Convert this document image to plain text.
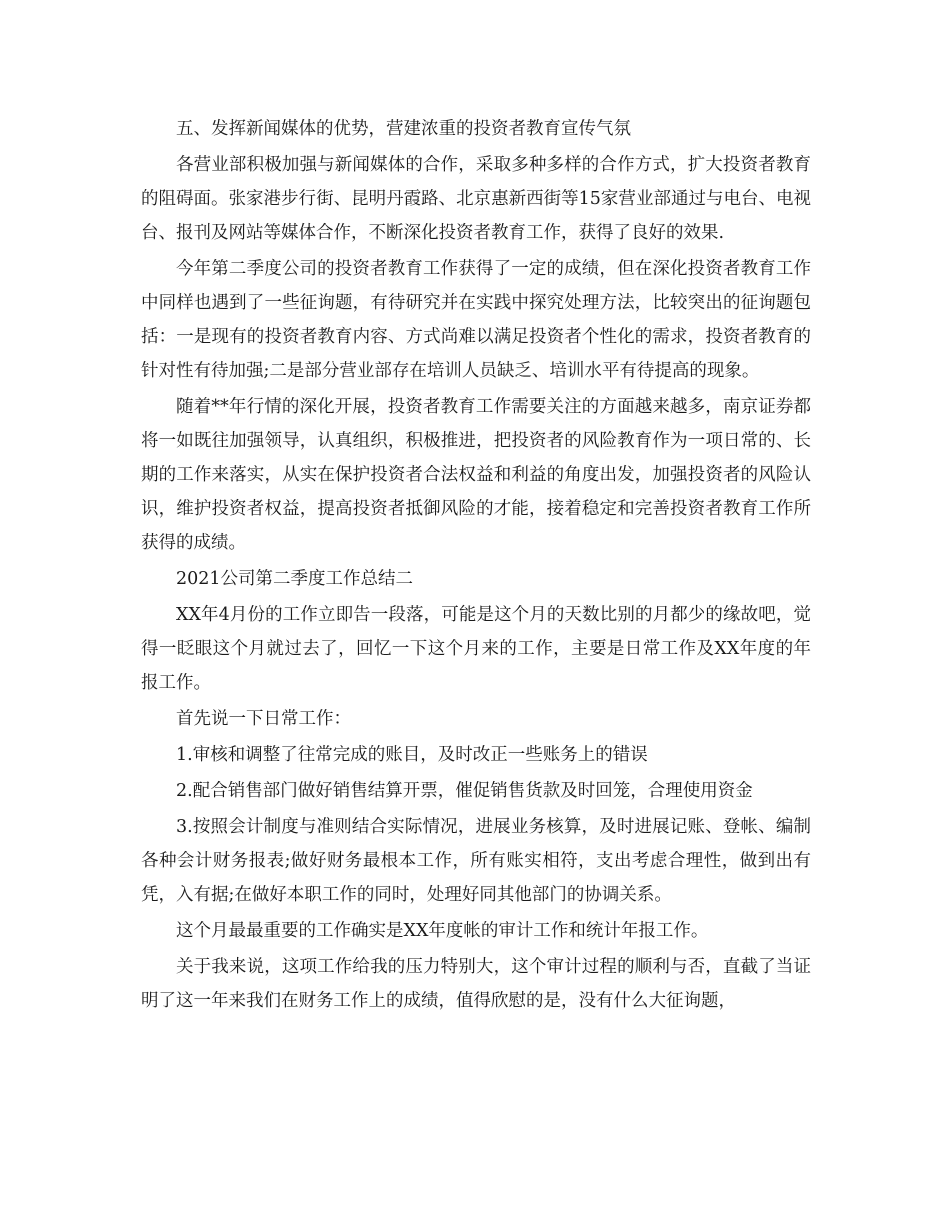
五、发挥新闻媒体的优势，营建浓重的投资者教育宣传气氛

各营业部积极加强与新闻媒体的合作，采取多种多样的合作方式，扩大投资者教育的阻碍面。张家港步行街、昆明丹霞路、北京惠新西街等15家营业部通过与电台、电视台、报刊及网站等媒体合作，不断深化投资者教育工作，获得了良好的效果.

今年第二季度公司的投资者教育工作获得了一定的成绩，但在深化投资者教育工作中同样也遇到了一些征询题，有待研究并在实践中探究处理方法，比较突出的征询题包括：一是现有的投资者教育内容、方式尚难以满足投资者个性化的需求，投资者教育的针对性有待加强;二是部分营业部存在培训人员缺乏、培训水平有待提高的现象。

随着**年行情的深化开展，投资者教育工作需要关注的方面越来越多，南京证券都将一如既往加强领导，认真组织，积极推进，把投资者的风险教育作为一项日常的、长期的工作来落实，从实在保护投资者合法权益和利益的角度出发，加强投资者的风险认识，维护投资者权益，提高投资者抵御风险的才能，接着稳定和完善投资者教育工作所获得的成绩。

2021公司第二季度工作总结二

XX年4月份的工作立即告一段落，可能是这个月的天数比别的月都少的缘故吧，觉得一眨眼这个月就过去了，回忆一下这个月来的工作，主要是日常工作及XX年度的年报工作。

首先说一下日常工作：

1.审核和调整了往常完成的账目，及时改正一些账务上的错误

2.配合销售部门做好销售结算开票，催促销售货款及时回笼，合理使用资金

3.按照会计制度与准则结合实际情况，进展业务核算，及时进展记账、登帐、编制各种会计财务报表;做好财务最根本工作，所有账实相符，支出考虑合理性，做到出有凭，入有据;在做好本职工作的同时，处理好同其他部门的协调关系。

这个月最最重要的工作确实是XX年度帐的审计工作和统计年报工作。

关于我来说，这项工作给我的压力特别大，这个审计过程的顺利与否，直截了当证明了这一年来我们在财务工作上的成绩，值得欣慰的是，没有什么大征询题，
